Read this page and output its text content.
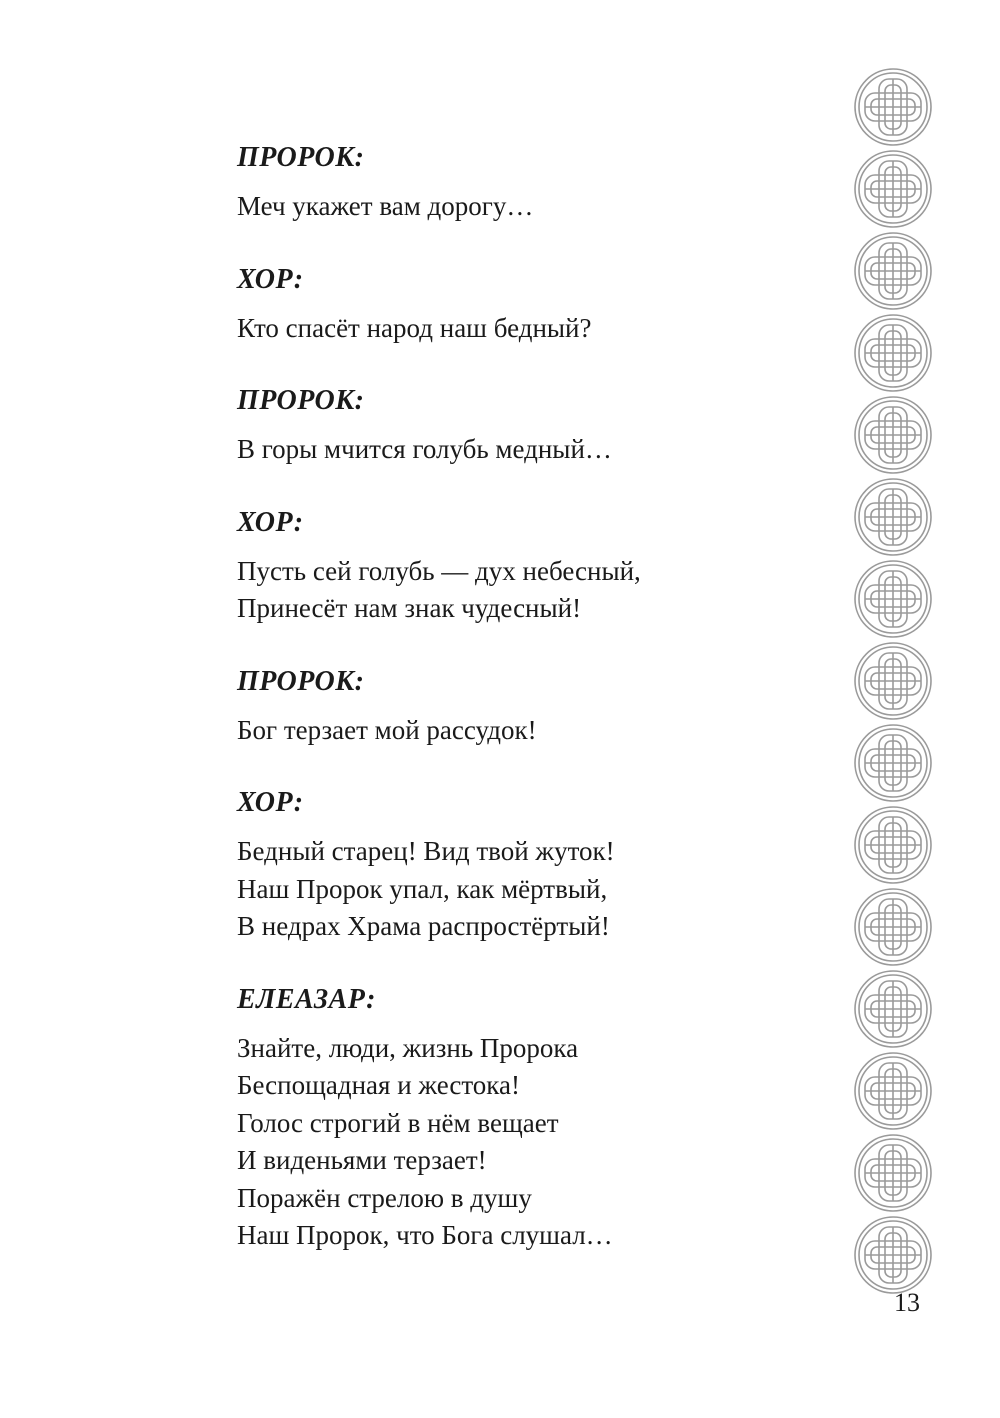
ПРОРОК:
Меч укажет вам дорогу…
ХОР:
Кто спасёт народ наш бедный?
ПРОРОК:
В горы мчится голубь медный…
ХОР:
Пусть сей голубь — дух небесный,
Принесёт нам знак чудесный!
ПРОРОК:
Бог терзает мой рассудок!
ХОР:
Бедный старец! Вид твой жуток!
Наш Пророк упал, как мёртвый,
В недрах Храма распростёртый!
ЕЛЕАЗАР:
Знайте, люди, жизнь Пророка
Беспощадная и жестока!
Голос строгий в нём вещает
И виденьями терзает!
Поражён стрелою в душу
Наш Пророк, что Бога слушал…
13
